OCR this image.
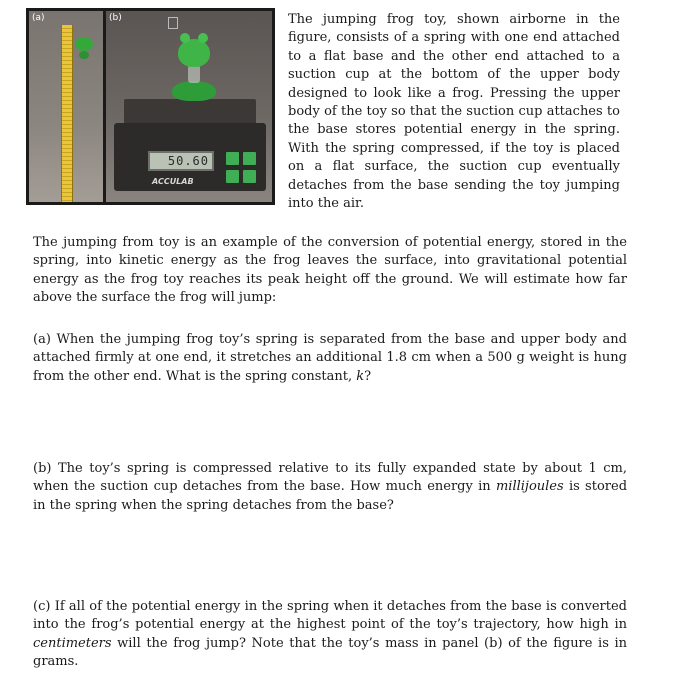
(a)	(b)
50.60
ACCULAB

The jumping frog toy, shown airborne in the figure, consists of a spring with one end attached to a flat base and the other end attached to a suction cup at the bottom of the upper body designed to look like a frog. Pressing the upper body of the toy so that the suction cup attaches to the base stores potential energy in the spring. With the spring compressed, if the toy is placed on a flat surface, the suction cup eventually detaches from the base sending the toy jumping into the air.

The jumping from toy is an example of the conversion of potential energy, stored in the spring, into kinetic energy as the frog leaves the surface, into gravitational potential energy as the frog toy reaches its peak height off the ground. We will estimate how far above the surface the frog will jump:

(a) When the jumping frog toy’s spring is separated from the base and upper body and attached firmly at one end, it stretches an additional 1.8 cm when a 500 g weight is hung from the other end. What is the spring constant, k?

(b) The toy’s spring is compressed relative to its fully expanded state by about 1 cm, when the suction cup detaches from the base. How much energy in millijoules is stored in the spring when the spring detaches from the base?

(c) If all of the potential energy in the spring when it detaches from the base is converted into the frog’s potential energy at the highest point of the toy’s trajectory, how high in centimeters will the frog jump? Note that the toy’s mass in panel (b) of the figure is in grams.
